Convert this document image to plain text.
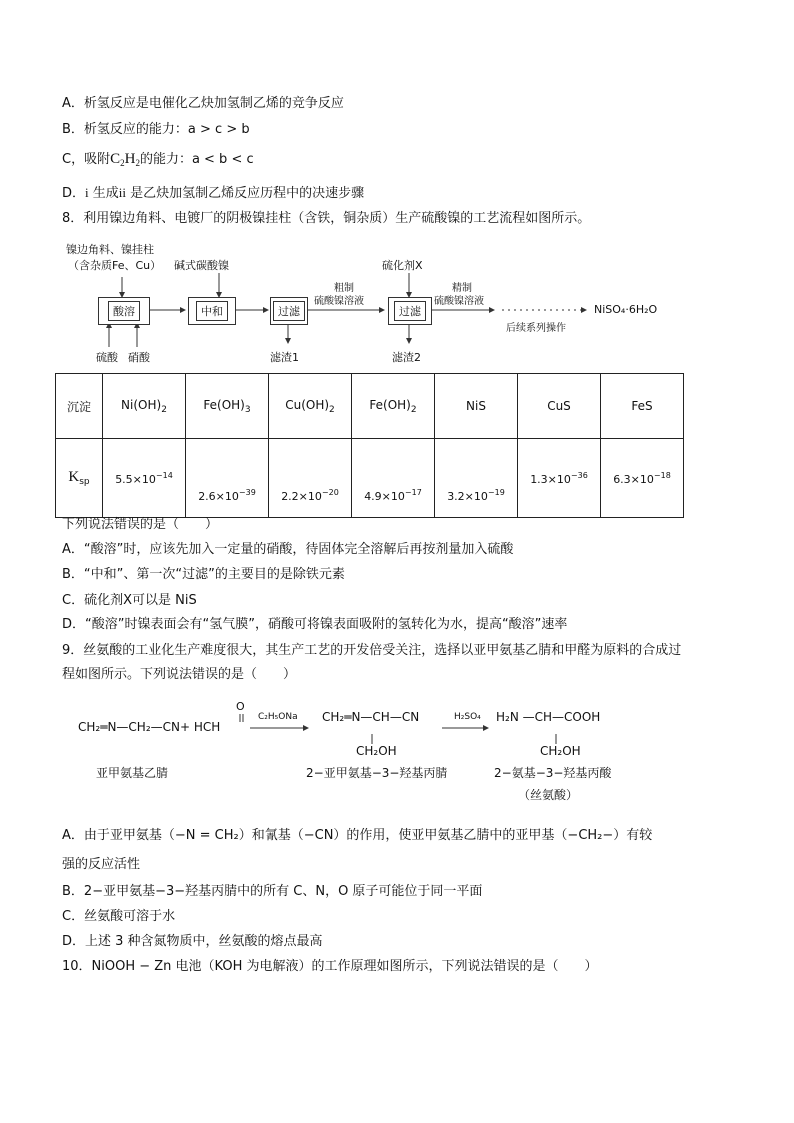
A．析氢反应是电催化乙炔加氢制乙烯的竞争反应
B．析氢反应的能力：a > c > b
C，吸附$C_2H_2$的能力：a < b < c
D．i 生成ii 是乙炔加氢制乙烯反应历程中的决速步骤
8．利用镍边角料、电镀厂的阴极镍挂柱（含铁，铜杂质）生产硫酸镍的工艺流程如图所示。
镍边角料、镍挂柱
（含杂质Fe、Cu） 碱式碳酸镍	硫化剂X
酸溶	中和	过滤	过滤
粗制
硫酸镍溶液
精制
硫酸镍溶液
后续系列操作
NiSO₄·6H₂O
硫酸 硝酸	滤渣1	滤渣2
沉淀	$Ni(OH)_2$	$Fe(OH)_3$	$Cu(OH)_2$	$Fe(OH)_2$	NiS	CuS	FeS
$K_{sp}$	$5.5\times 10^{-14}$	$2.6\times 10^{-39}$	$2.2\times 10^{-20}$	$4.9\times 10^{-17}$	$3.2\times 10^{-19}$	$1.3\times 10^{-36}$	$6.3\times 10^{-18}$
下列说法错误的是（　　）
A．“酸溶”时，应该先加入一定量的硝酸，待固体完全溶解后再按剂量加入硫酸
B．“中和”、第一次“过滤”的主要目的是除铁元素
C．硫化剂X可以是 NiS
D．“酸溶”时镍表面会有“氢气膜”，硝酸可将镍表面吸附的氢转化为水，提高“酸溶”速率
9．丝氨酸的工业化生产难度很大，其生产工艺的开发倍受关注，选择以亚甲氨基乙腈和甲醛为原料的合成过
程如图所示。下列说法错误的是（　　）
O
CH₂═N—CH₂—CN+ HCH
C₂H₅ONa CH₂═N—CH—CN
CH₂OH
H₂SO₄ H₂N —CH—COOH
CH₂OH
亚甲氨基乙腈	2−亚甲氨基−3−羟基丙腈	2−氨基−3−羟基丙酸
（丝氨酸）
A．由于亚甲氨基（−N = CH₂）和氰基（−CN）的作用，使亚甲氨基乙腈中的亚甲基（−CH₂−）有较
强的反应活性
B．2−亚甲氨基−3−羟基丙腈中的所有 C、N，O 原子可能位于同一平面
C．丝氨酸可溶于水
D．上述 3 种含氮物质中，丝氨酸的熔点最高
10．NiOOH − Zn 电池（KOH 为电解液）的工作原理如图所示，下列说法错误的是（　　）
